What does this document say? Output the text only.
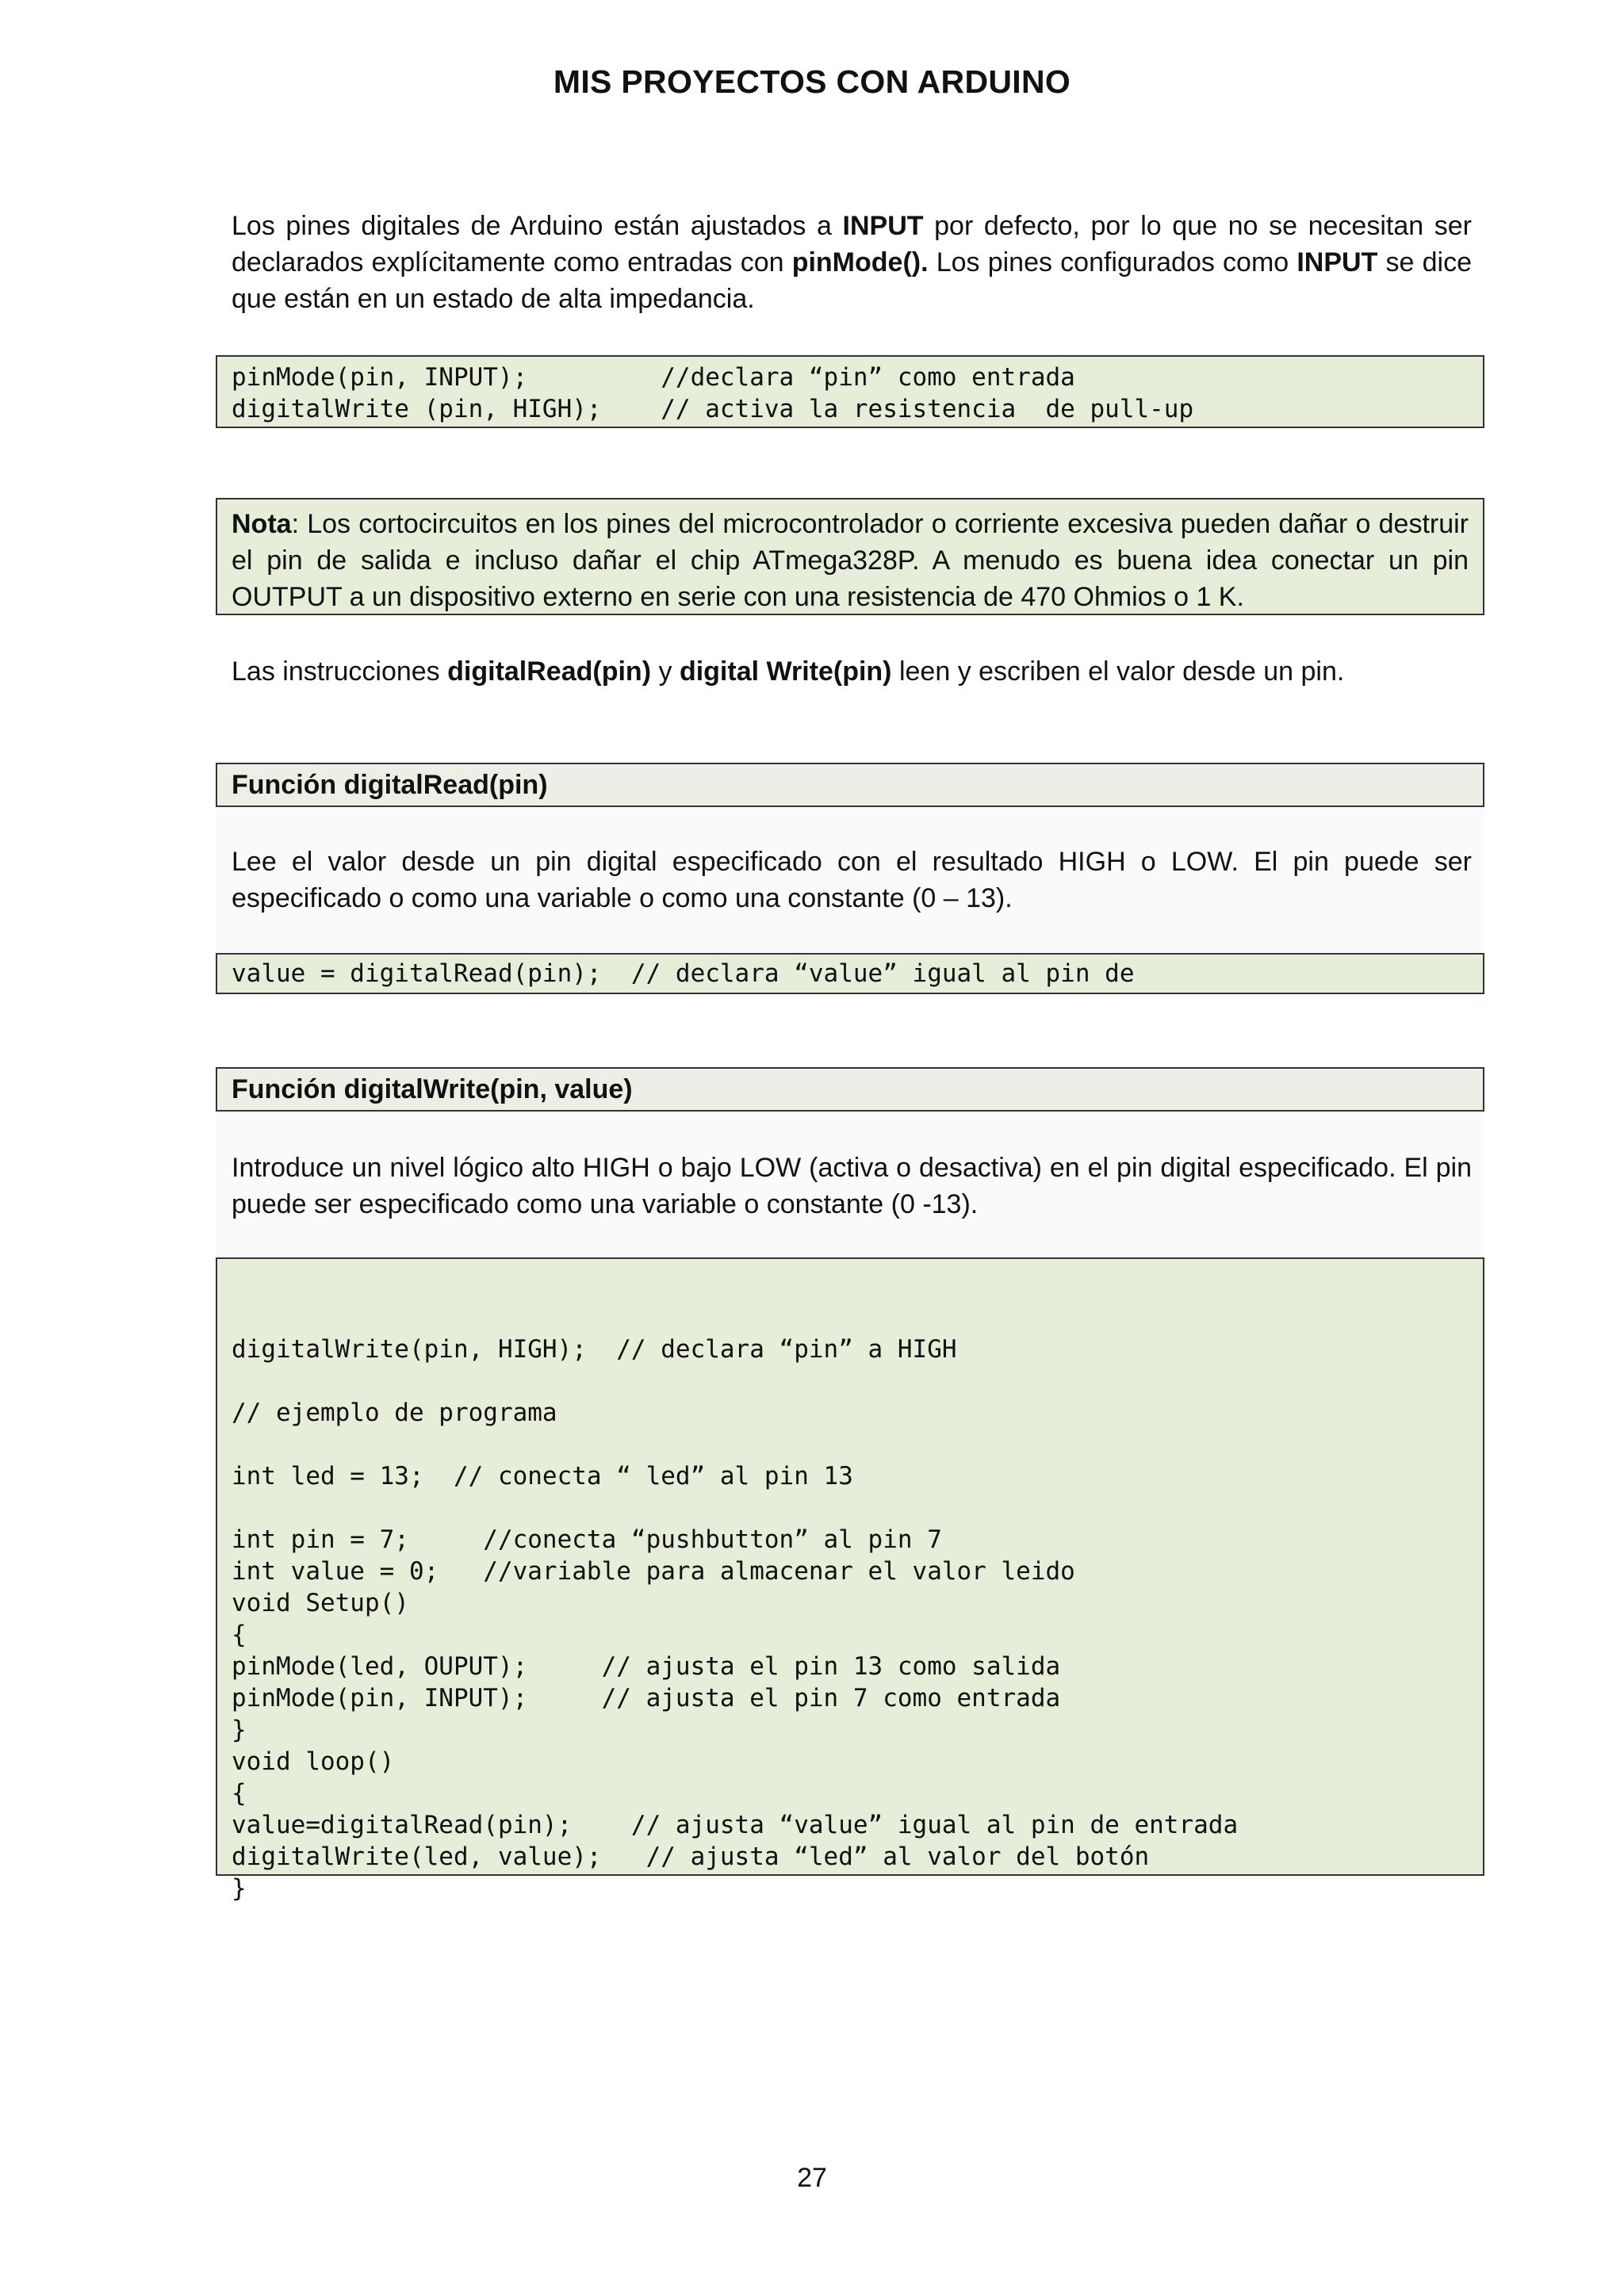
MIS PROYECTOS CON ARDUINO
Los pines digitales de Arduino están ajustados a INPUT por defecto, por lo que no se necesitan ser declarados explícitamente como entradas con pinMode(). Los pines configurados como INPUT se dice que están en un estado de alta impedancia.
pinMode(pin, INPUT);         //declara “pin” como entrada
digitalWrite (pin, HIGH);    // activa la resistencia  de pull-up
Nota: Los cortocircuitos en los pines del microcontrolador o corriente excesiva pueden dañar o destruir el pin de salida e incluso dañar el chip ATmega328P. A menudo es buena idea conectar un pin OUTPUT a un dispositivo externo en serie con una resistencia de 470 Ohmios o 1 K.
Las instrucciones digitalRead(pin) y digital Write(pin) leen y escriben el valor desde un pin.
Función digitalRead(pin)
Lee el valor desde un pin digital especificado con el resultado HIGH o LOW. El pin puede ser especificado o como una variable o como una constante (0 – 13).
value = digitalRead(pin);  // declara “value” igual al pin de
Función digitalWrite(pin, value)
Introduce un nivel lógico alto HIGH o bajo LOW (activa o desactiva) en el pin digital especificado. El pin puede ser especificado como una variable o constante (0 -13).

digitalWrite(pin, HIGH);  // declara “pin” a HIGH
// ejemplo de programa
int led = 13;  // conecta “ led” al pin 13
int pin = 7;     //conecta “pushbutton” al pin 7
int value = 0;   //variable para almacenar el valor leido
void Setup()
{
pinMode(led, OUPUT);     // ajusta el pin 13 como salida
pinMode(pin, INPUT);     // ajusta el pin 7 como entrada
}
void loop()
{
value=digitalRead(pin);    // ajusta “value” igual al pin de entrada
digitalWrite(led, value);   // ajusta “led” al valor del botón
}

27
